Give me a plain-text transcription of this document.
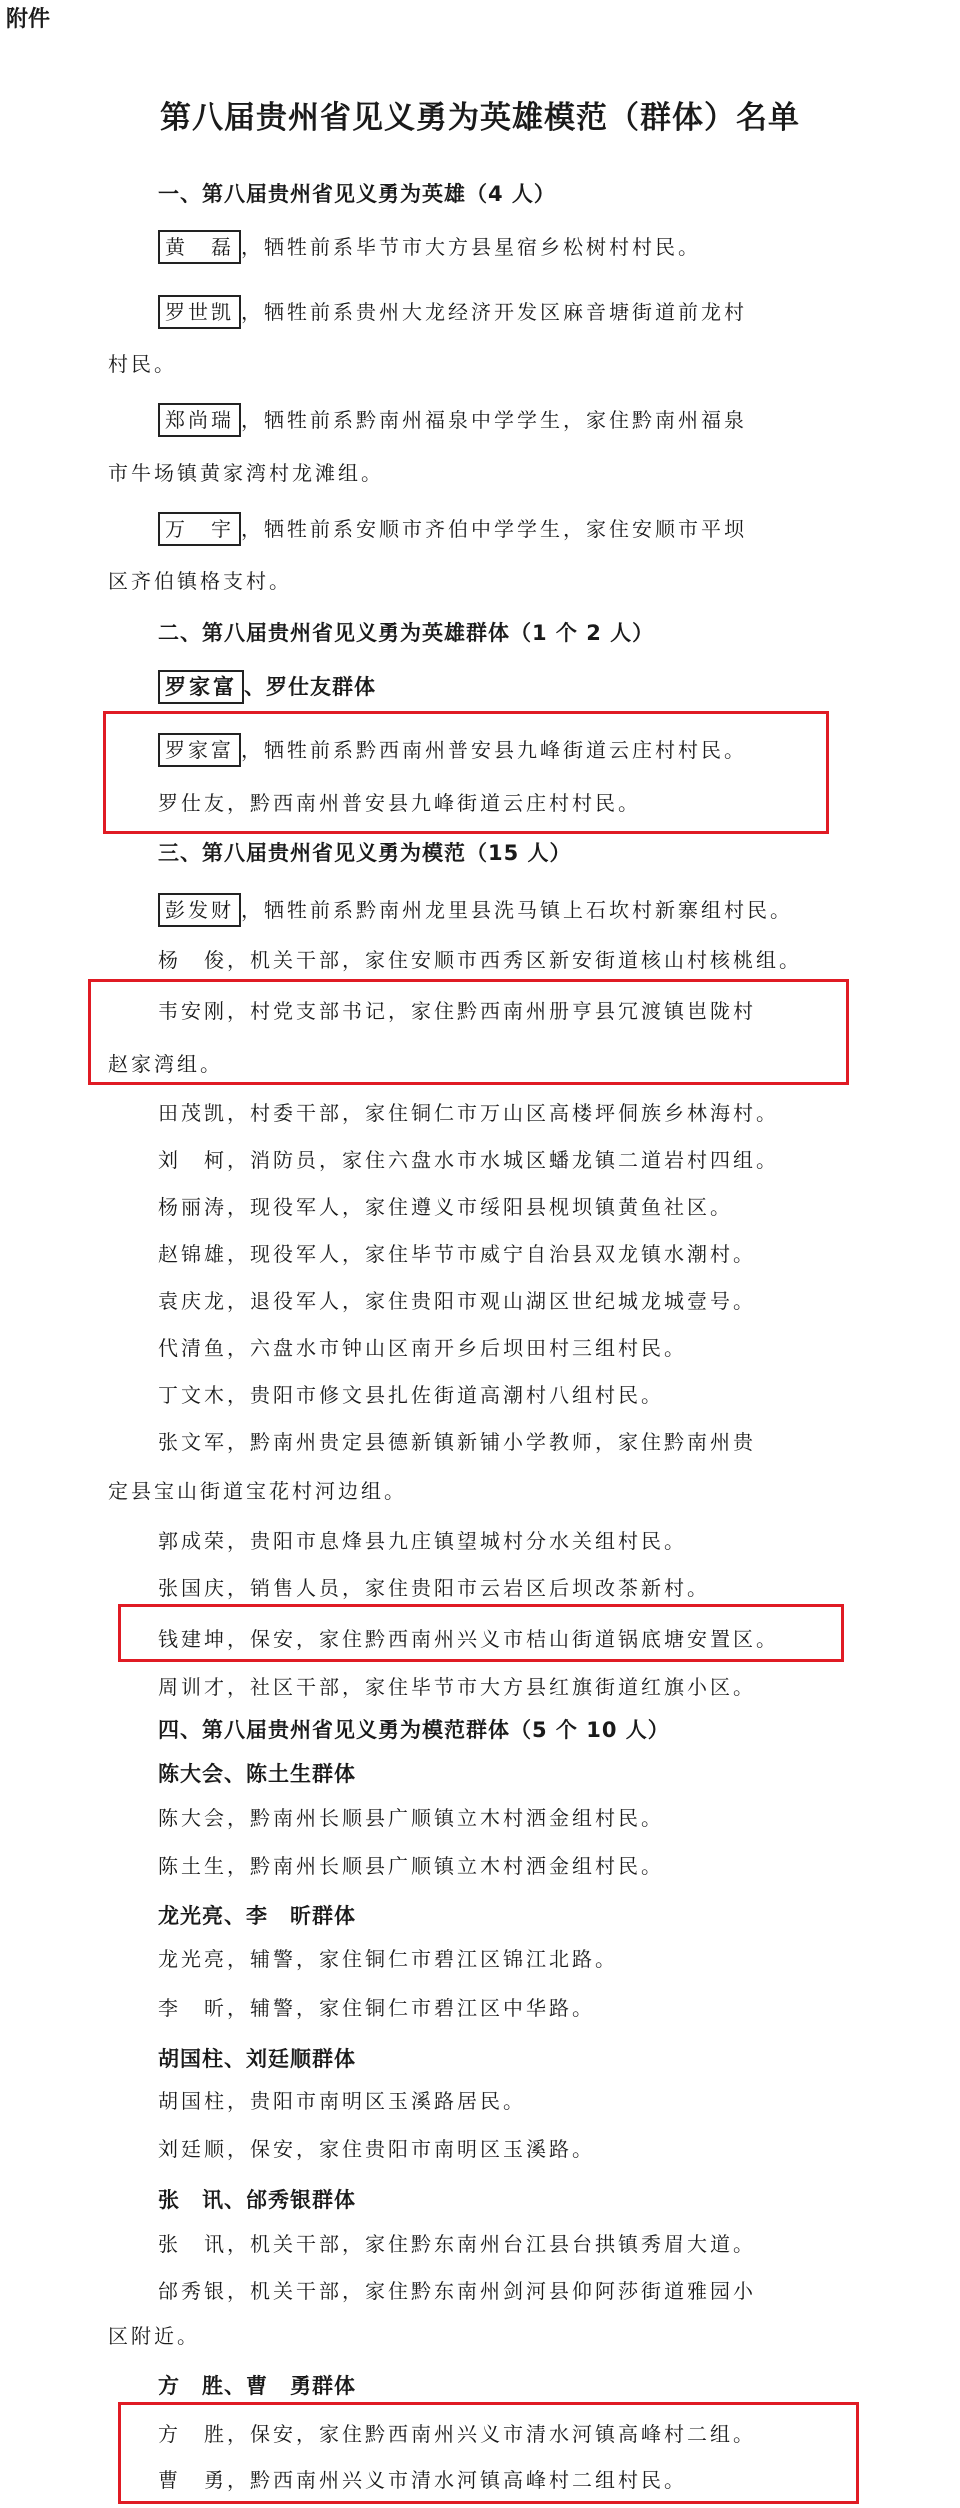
附件
第八届贵州省见义勇为英雄模范（群体）名单
一、第八届贵州省见义勇为英雄（4 人）
黄　磊 ，牺牲前系毕节市大方县星宿乡松树村村民。
罗世凯 ，牺牲前系贵州大龙经济开发区麻音塘街道前龙村
村民。
郑尚瑞 ，牺牲前系黔南州福泉中学学生，家住黔南州福泉
市牛场镇黄家湾村龙滩组。
万　宇 ，牺牲前系安顺市齐伯中学学生，家住安顺市平坝
区齐伯镇格支村。
二、第八届贵州省见义勇为英雄群体（1 个 2 人）
罗家富 、罗仕友群体
罗家富 ，牺牲前系黔西南州普安县九峰街道云庄村村民。
罗仕友，黔西南州普安县九峰街道云庄村村民。
三、第八届贵州省见义勇为模范（15 人）
彭发财 ，牺牲前系黔南州龙里县洗马镇上石坎村新寨组村民。
杨　俊，机关干部，家住安顺市西秀区新安街道核山村核桃组。
韦安刚，村党支部书记，家住黔西南州册亨县冗渡镇岜陇村
赵家湾组。
田茂凯，村委干部，家住铜仁市万山区高楼坪侗族乡林海村。
刘　柯，消防员，家住六盘水市水城区蟠龙镇二道岩村四组。
杨丽涛，现役军人，家住遵义市绥阳县枧坝镇黄鱼社区。
赵锦雄，现役军人，家住毕节市威宁自治县双龙镇水潮村。
袁庆龙，退役军人，家住贵阳市观山湖区世纪城龙城壹号。
代清鱼，六盘水市钟山区南开乡后坝田村三组村民。
丁文木，贵阳市修文县扎佐街道高潮村八组村民。
张文军，黔南州贵定县德新镇新铺小学教师，家住黔南州贵
定县宝山街道宝花村河边组。
郭成荣，贵阳市息烽县九庄镇望城村分水关组村民。
张国庆，销售人员，家住贵阳市云岩区后坝改茶新村。
钱建坤，保安，家住黔西南州兴义市桔山街道锅底塘安置区。
周训才，社区干部，家住毕节市大方县红旗街道红旗小区。
四、第八届贵州省见义勇为模范群体（5 个 10 人）
陈大会、陈土生群体
陈大会，黔南州长顺县广顺镇立木村洒金组村民。
陈土生，黔南州长顺县广顺镇立木村洒金组村民。
龙光亮、李　昕群体
龙光亮，辅警，家住铜仁市碧江区锦江北路。
李　昕，辅警，家住铜仁市碧江区中华路。
胡国柱、刘廷顺群体
胡国柱，贵阳市南明区玉溪路居民。
刘廷顺，保安，家住贵阳市南明区玉溪路。
张　讯、邰秀银群体
张　讯，机关干部，家住黔东南州台江县台拱镇秀眉大道。
邰秀银，机关干部，家住黔东南州剑河县仰阿莎街道雅园小
区附近。
方　胜、曹　勇群体
方　胜，保安，家住黔西南州兴义市清水河镇高峰村二组。
曹　勇，黔西南州兴义市清水河镇高峰村二组村民。
